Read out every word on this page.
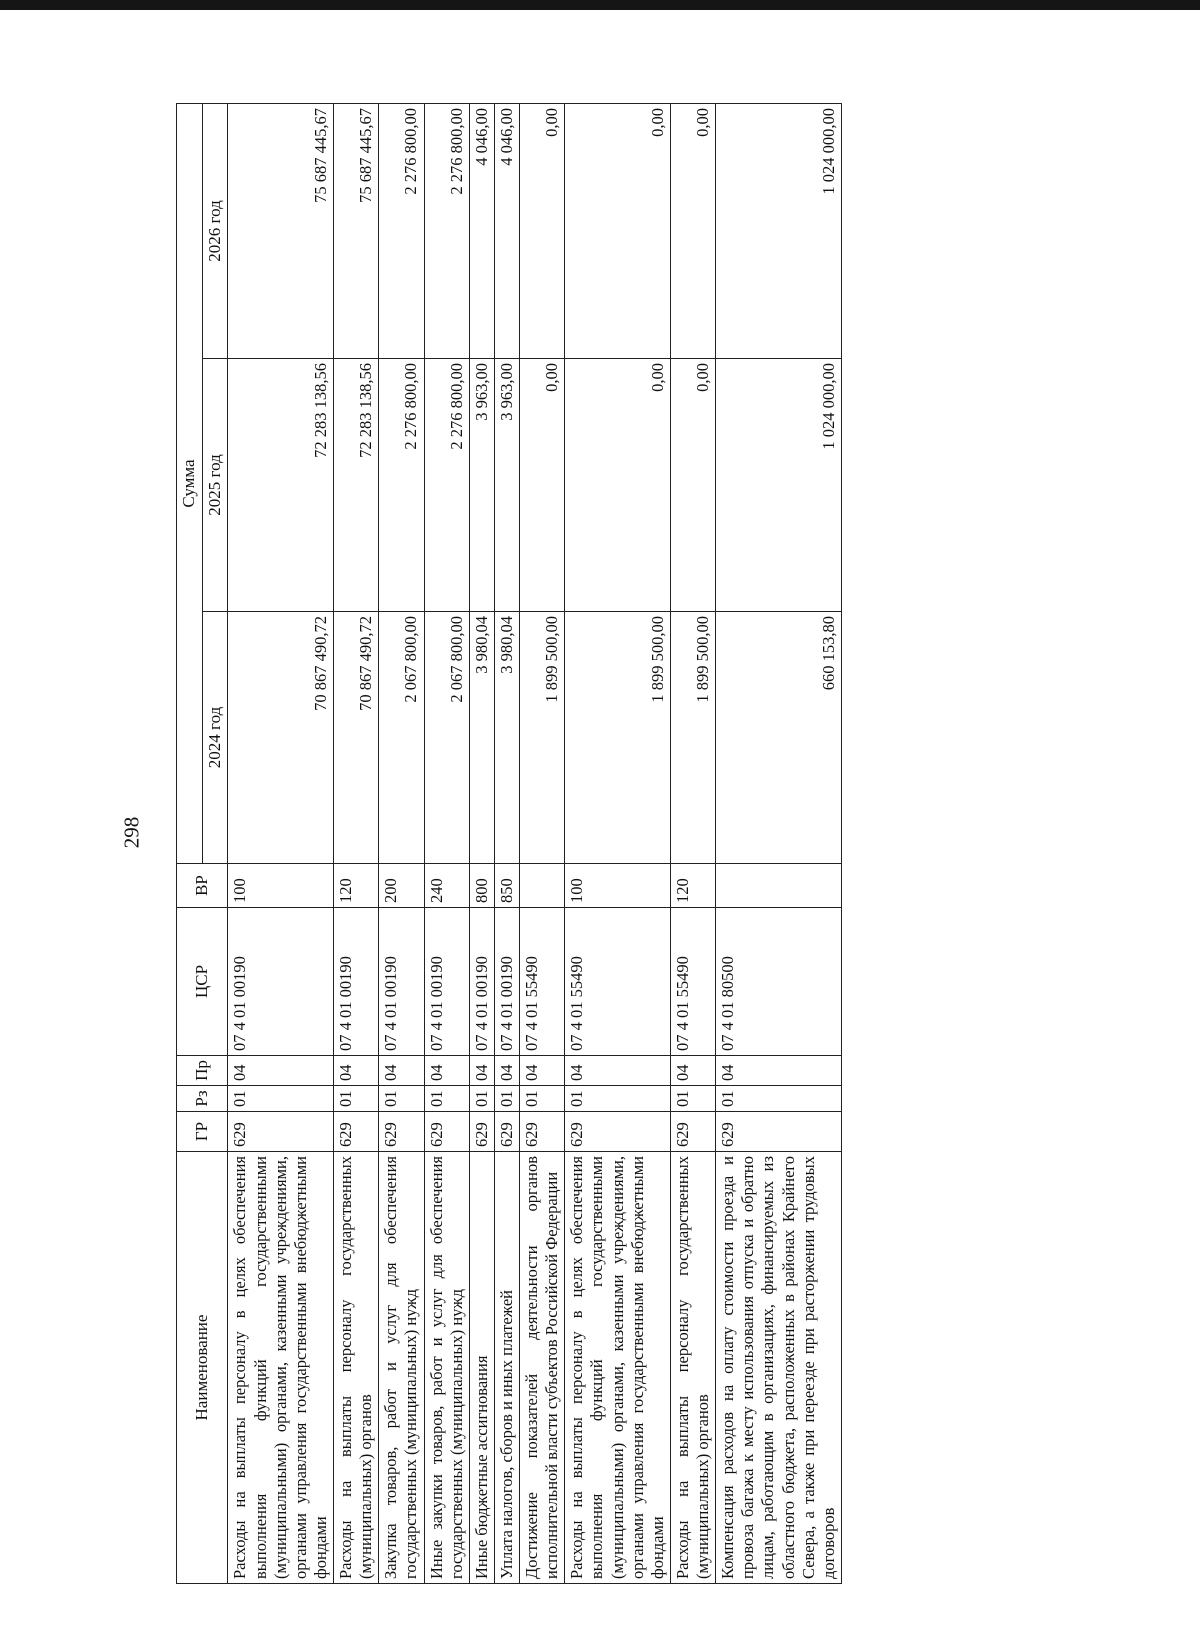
298
Наименование	ГР	Рз	Пр	ЦСР	ВР	Сумма		
						2024 год	2025 год	2026 год
Расходы на выплаты персоналу в целях обеспечения выполнения функций государственными (муниципальными) органами, казенными учреждениями, органами управления государственными внебюджетными фондами	629	01	04	07 4 01 00190	100	70 867 490,72	72 283 138,56	75 687 445,67
Расходы на выплаты персоналу государственных (муниципальных) органов	629	01	04	07 4 01 00190	120	70 867 490,72	72 283 138,56	75 687 445,67
Закупка товаров, работ и услуг для обеспечения государственных (муниципальных) нужд	629	01	04	07 4 01 00190	200	2 067 800,00	2 276 800,00	2 276 800,00
Иные закупки товаров, работ и услуг для обеспечения государственных (муниципальных) нужд	629	01	04	07 4 01 00190	240	2 067 800,00	2 276 800,00	2 276 800,00
Иные бюджетные ассигнования	629	01	04	07 4 01 00190	800	3 980,04	3 963,00	4 046,00
Уплата налогов, сборов и иных платежей	629	01	04	07 4 01 00190	850	3 980,04	3 963,00	4 046,00
Достижение показателей деятельности органов исполнительной власти субъектов Российской Федерации	629	01	04	07 4 01 55490		1 899 500,00	0,00	0,00
Расходы на выплаты персоналу в целях обеспечения выполнения функций государственными (муниципальными) органами, казенными учреждениями, органами управления государственными внебюджетными фондами	629	01	04	07 4 01 55490	100	1 899 500,00	0,00	0,00
Расходы на выплаты персоналу государственных (муниципальных) органов	629	01	04	07 4 01 55490	120	1 899 500,00	0,00	0,00
Компенсация расходов на оплату стоимости проезда и провоза багажа к месту использования отпуска и обратно лицам, работающим в организациях, финансируемых из областного бюджета, расположенных в районах Крайнего Севера, а также при переезде при расторжении трудовых договоров	629	01	04	07 4 01 80500		660 153,80	1 024 000,00	1 024 000,00
